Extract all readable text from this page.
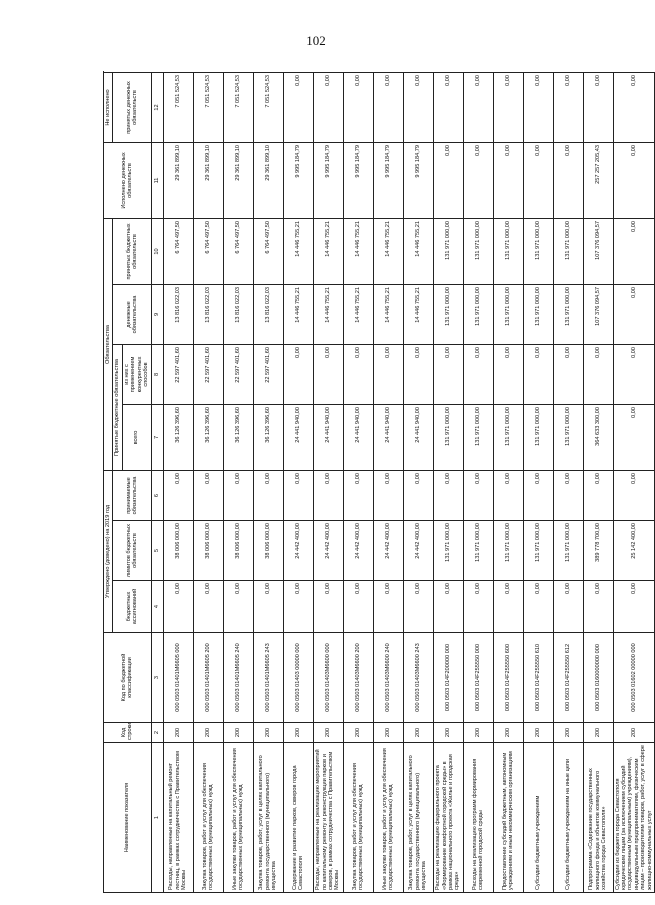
102
Наименование показателя	Код строки	Код по бюджетной классификации	Утверждено (доведено) на 2019 год			Обязательства				Исполнено денежных обязательств	Не исполнено
			бюджетных ассигнований	лимитов бюджетных обязательств	принимаемые обязательства	Принятые бюджетные обязательства		денежные обязательства	принятых бюджетных обязательств		принятых денежных обязательств
						всего	из них с применением конкурентных способов				
1	2	3	4	5	6	7	8	9	10	11	12
Расходы, направленные на капитальный ремонт лестниц, в рамках сотрудничества с Правительством Москвы	200	000 0503 01401M6605 000	0,00	38 006 000,00	0,00	36 126 396,60	22 597 401,60	13 816 022,03	6 764 497,50	29 361 899,10	7 051 524,53
Закупка товаров, работ и услуг для обеспечения государственных (муниципальных) нужд	200	000 0503 01401M6605 200	0,00	38 006 000,00	0,00	36 126 396,60	22 597 401,60	13 816 022,03	6 764 497,50	29 361 899,10	7 051 524,53
Иные закупки товаров, работ и услуг для обеспечения государственных (муниципальных) нужд	200	000 0503 01401M6605 240	0,00	38 006 000,00	0,00	36 126 396,60	22 597 401,60	13 816 022,03	6 764 497,50	29 361 899,10	7 051 524,53
Закупка товаров, работ, услуг в целях капитального ремонта государственного (муниципального) имущества	200	000 0503 01401M6605 243	0,00	38 006 000,00	0,00	36 126 396,60	22 597 401,60	13 816 022,03	6 764 497,50	29 361 899,10	7 051 524,53
Содержание и развитие парков, скверов города Севастополя	200	000 0503 01403 00000 000	0,00	24 442 400,00	0,00	24 441 940,00	0,00	14 446 755,21	14 446 755,21	9 995 184,79	0,00
Расходы, направленные на реализацию мероприятий по капитальному ремонту и реконструкции парков и скверов, в рамках сотрудничества с Правительством Москвы	200	000 0503 01403M6600 000	0,00	24 442 400,00	0,00	24 441 940,00	0,00	14 446 755,21	14 446 755,21	9 995 184,79	0,00
Закупка товаров, работ и услуг для обеспечения государственных (муниципальных) нужд	200	000 0503 01403M6600 200	0,00	24 442 400,00	0,00	24 441 940,00	0,00	14 446 755,21	14 446 755,21	9 995 184,79	0,00
Иные закупки товаров, работ и услуг для обеспечения государственных (муниципальных) нужд	200	000 0503 01403M6600 240	0,00	24 442 400,00	0,00	24 441 940,00	0,00	14 446 755,21	14 446 755,21	9 995 184,79	0,00
Закупка товаров, работ, услуг в целях капитального ремонта государственного (муниципального) имущества	200	000 0503 01403M6600 243	0,00	24 442 400,00	0,00	24 441 940,00	0,00	14 446 755,21	14 446 755,21	9 995 184,79	0,00
Расходы на реализацию федерального проекта «Формирование комфортной городской среды» в рамках национального проекта «Жилье и городская среда»	200	000 0503 014F200000 000	0,00	131 971 000,00	0,00	131 971 000,00	0,00	131 971 000,00	131 971 000,00	0,00	0,00
Расходы на реализацию программ формирования современной городской среды	200	000 0503 014F255550 000	0,00	131 971 000,00	0,00	131 971 000,00	0,00	131 971 000,00	131 971 000,00	0,00	0,00
Предоставление субсидий бюджетным, автономным учреждениям и иным некоммерческим организациям	200	000 0503 014F255550 600	0,00	131 971 000,00	0,00	131 971 000,00	0,00	131 971 000,00	131 971 000,00	0,00	0,00
Субсидии бюджетным учреждениям	200	000 0503 014F255550 610	0,00	131 971 000,00	0,00	131 971 000,00	0,00	131 971 000,00	131 971 000,00	0,00	0,00
Субсидии бюджетным учреждениям на иные цели	200	000 0503 014F255550 612	0,00	131 971 000,00	0,00	131 971 000,00	0,00	131 971 000,00	131 971 000,00	0,00	0,00
Подпрограмма «Содержание государственных жилищного фонда и объектов коммунального хозяйства города Севастополя»	200	000 0503 0160000000 000	0,00	389 778 700,00	0,00	364 633 300,00	0,00	107 376 094,57	107 376 094,57	257 257 205,43	0,00
Субсидии из бюджета города Севастополя юридическим лицам (за исключением субсидий государственным (муниципальным) учреждениям), индивидуальным предпринимателям, физическим лицам – производителям товаров, работ, услуг в сфере жилищно-коммунальных услуг	200	000 0503 01602 00000 000	0,00	25 142 400,00	0,00	0,00	0,00	0,00	0,00	0,00	0,00
